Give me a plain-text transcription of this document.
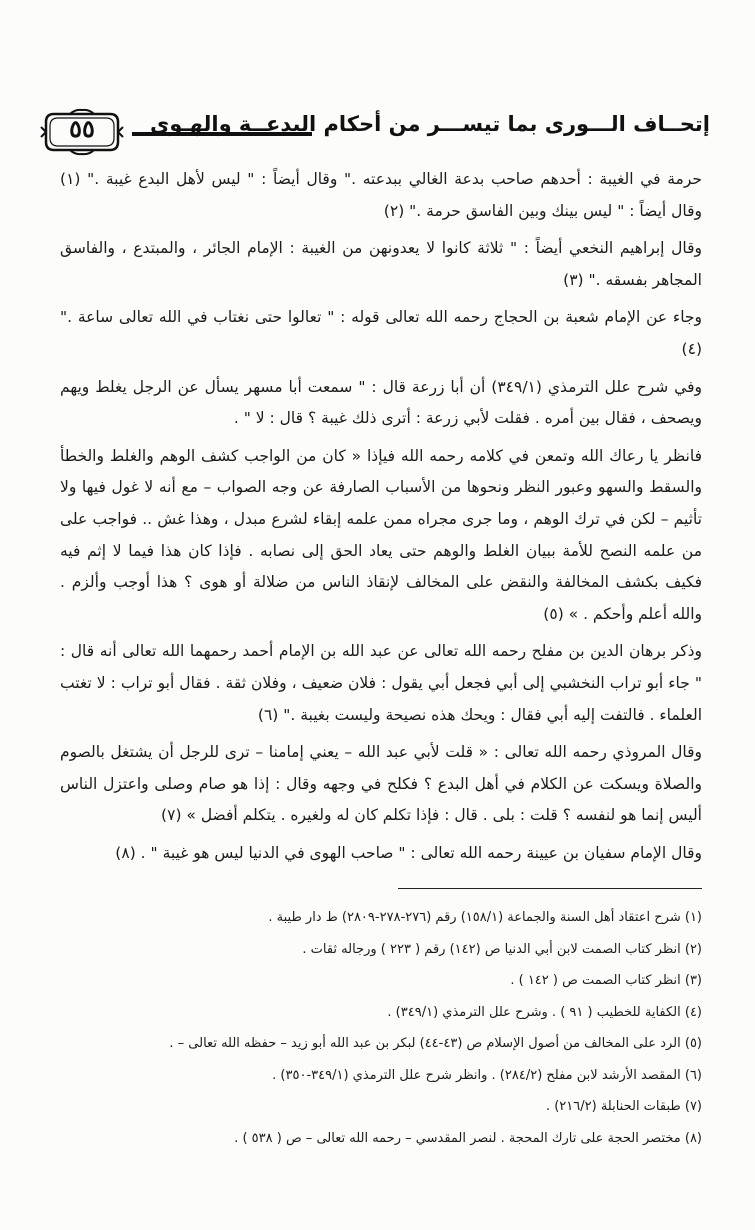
٥٥	إتحــاف الـــورى بما تيســـر من أحكام البدعــة والهـوى

حرمة في الغيبة : أحدهم صاحب بدعة الغالي ببدعته ." وقال أيضاً : " ليس لأهل البدع غيبة ." (١) وقال أيضاً : " ليس بينك وبين الفاسق حرمة ." (٢)

وقال إبراهيم النخعي أيضاً : " ثلاثة كانوا لا يعدونهن من الغيبة : الإمام الجائر ، والمبتدع ، والفاسق المجاهر بفسقه ." (٣)

وجاء عن الإمام شعبة بن الحجاج رحمه الله تعالى قوله : " تعالوا حتى نغتاب في الله تعالى ساعة ." (٤)

وفي شرح علل الترمذي (٣٤٩/١) أن أبا زرعة قال : " سمعت أبا مسهر يسأل عن الرجل يغلط ويهم ويصحف ، فقال بين أمره . فقلت لأبي زرعة : أترى ذلك غيبة ؟ قال : لا " .

فانظر يا رعاك الله وتمعن في كلامه رحمه الله فيإذا « كان من الواجب كشف الوهم والغلط والخطأ والسقط والسهو وعبور النظر ونحوها من الأسباب الصارفة عن وجه الصواب – مع أنه لا غول فيها ولا تأثيم – لكن في ترك الوهم ، وما جرى مجراه ممن علمه إبقاء لشرع مبدل ، وهذا غش .. فواجب على من علمه النصح للأمة ببيان الغلط والوهم حتى يعاد الحق إلى نصابه . فإذا كان هذا فيما لا إثم فيه فكيف بكشف المخالفة والنقض على المخالف لإنقاذ الناس من ضلالة أو هوى ؟ هذا أوجب وألزم . والله أعلم وأحكم . » (٥)

وذكر برهان الدين بن مفلح رحمه الله تعالى عن عبد الله بن الإمام أحمد رحمهما الله تعالى أنه قال : " جاء أبو تراب النخشبي إلى أبي فجعل أبي يقول : فلان ضعيف ، وفلان ثقة . فقال أبو تراب : لا تغتب العلماء . فالتفت إليه أبي فقال : ويحك هذه نصيحة وليست بغيبة ." (٦)

وقال المروذي رحمه الله تعالى : « قلت لأبي عبد الله – يعني إمامنا – ترى للرجل أن يشتغل بالصوم والصلاة ويسكت عن الكلام في أهل البدع ؟ فكلح في وجهه وقال : إذا هو صام وصلى واعتزل الناس أليس إنما هو لنفسه ؟ قلت : بلى . قال : فإذا تكلم كان له ولغيره . يتكلم أفضل » (٧)

وقال الإمام سفيان بن عيينة رحمه الله تعالى : " صاحب الهوى في الدنيا ليس هو غيبة " . (٨)

(١) شرح اعتقاد أهل السنة والجماعة (١٥٨/١) رقم (٢٧٦-٢٧٨-٢٨٠٩) ط دار طيبة .
(٢) انظر كتاب الصمت لابن أبي الدنيا ص (١٤٢) رقم ( ٢٢٣ ) ورجاله ثقات .
(٣) انظر كتاب الصمت ص ( ١٤٢ ) .
(٤) الكفاية للخطيب ( ٩١ ) . وشرح علل الترمذي (٣٤٩/١) .
(٥) الرد على المخالف من أصول الإسلام ص (٤٣-٤٤) لبكر بن عبد الله أبو زيد – حفظه الله تعالى – .
(٦) المقصد الأرشد لابن مفلح (٢٨٤/٢) . وانظر شرح علل الترمذي (٣٤٩/١-٣٥٠) .
(٧) طبقات الحنابلة (٢١٦/٢) .
(٨) مختصر الحجة على تارك المحجة . لنصر المقدسي – رحمه الله تعالى – ص ( ٥٣٨ ) .
